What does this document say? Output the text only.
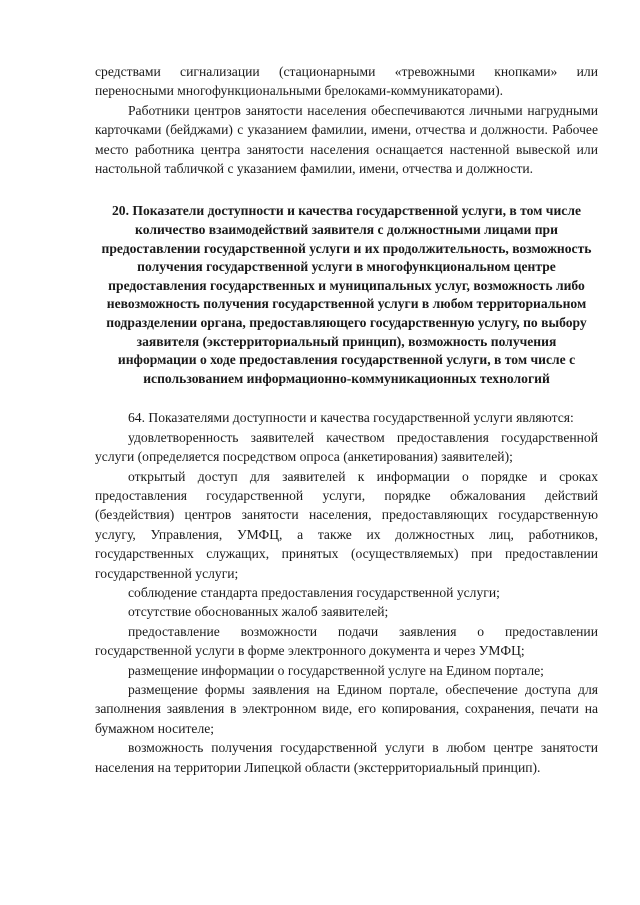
средствами сигнализации (стационарными «тревожными кнопками» или переносными многофункциональными брелоками-коммуникаторами).

Работники центров занятости населения обеспечиваются личными нагрудными карточками (бейджами) с указанием фамилии, имени, отчества и должности. Рабочее место работника центра занятости населения оснащается настенной вывеской или настольной табличкой с указанием фамилии, имени, отчества и должности.

20. Показатели доступности и качества государственной услуги, в том числе количество взаимодействий заявителя с должностными лицами при предоставлении государственной услуги и их продолжительность, возможность получения государственной услуги в многофункциональном центре предоставления государственных и муниципальных услуг, возможность либо невозможность получения государственной услуги в любом территориальном подразделении органа, предоставляющего государственную услугу, по выбору заявителя (экстерриториальный принцип), возможность получения информации о ходе предоставления государственной услуги, в том числе с использованием информационно-коммуникационных технологий

64. Показателями доступности и качества государственной услуги являются:

удовлетворенность заявителей качеством предоставления государственной услуги (определяется посредством опроса (анкетирования) заявителей);
открытый доступ для заявителей к информации о порядке и сроках предоставления государственной услуги, порядке обжалования действий (бездействия) центров занятости населения, предоставляющих государственную услугу, Управления, УМФЦ, а также их должностных лиц, работников, государственных служащих, принятых (осуществляемых) при предоставлении государственной услуги;
соблюдение стандарта предоставления государственной услуги;
отсутствие обоснованных жалоб заявителей;
предоставление возможности подачи заявления о предоставлении государственной услуги в форме электронного документа и через УМФЦ;
размещение информации о государственной услуге на Едином портале;
размещение формы заявления на Едином портале, обеспечение доступа для заполнения заявления в электронном виде, его копирования, сохранения, печати на бумажном носителе;
возможность получения государственной услуги в любом центре занятости населения на территории Липецкой области (экстерриториальный принцип).
